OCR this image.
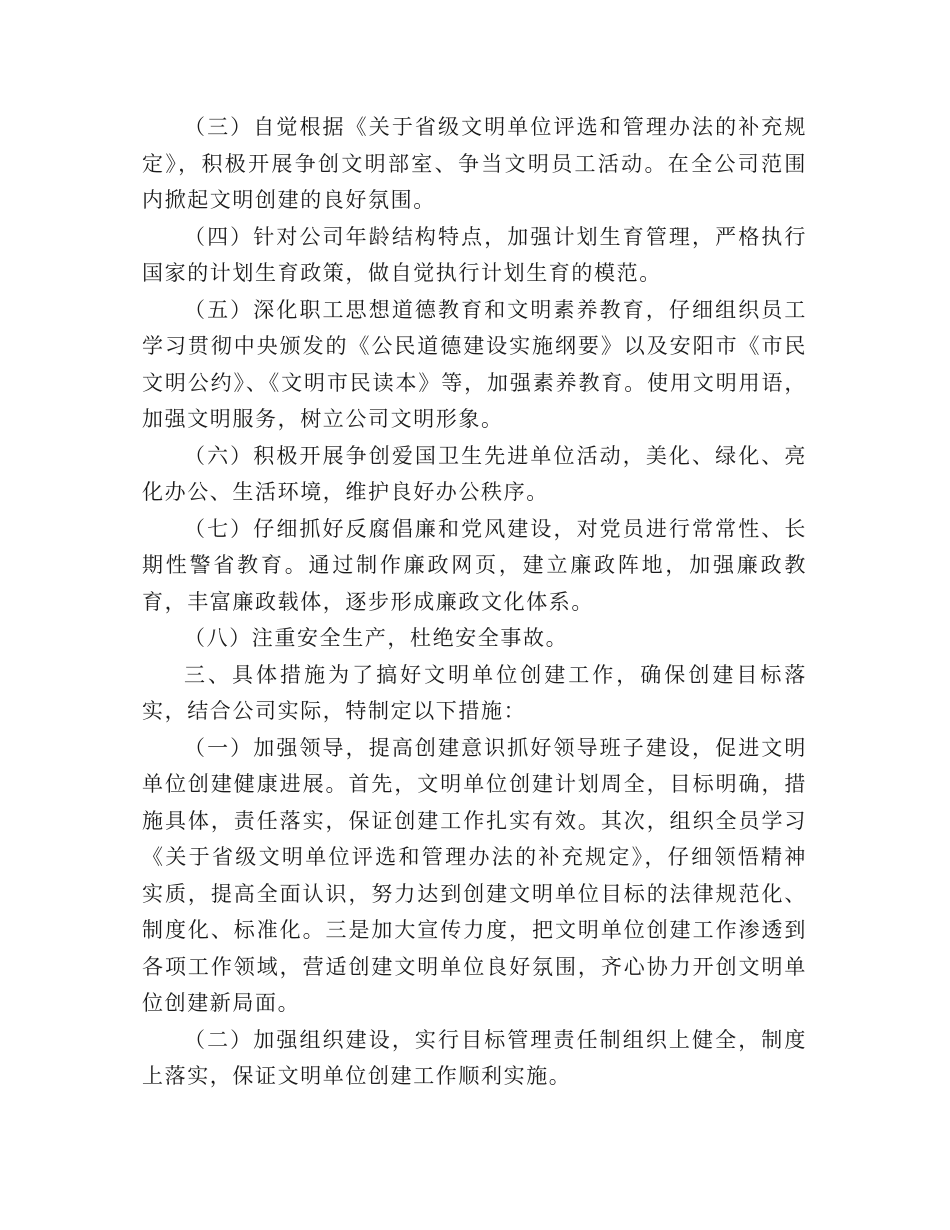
（三）自觉根据《关于省级文明单位评选和管理办法的补充规定》，积极开展争创文明部室、争当文明员工活动。在全公司范围内掀起文明创建的良好氛围。

（四）针对公司年龄结构特点，加强计划生育管理，严格执行国家的计划生育政策，做自觉执行计划生育的模范。

（五）深化职工思想道德教育和文明素养教育，仔细组织员工学习贯彻中央颁发的《公民道德建设实施纲要》以及安阳市《市民文明公约》、《文明市民读本》等，加强素养教育。使用文明用语，加强文明服务，树立公司文明形象。

（六）积极开展争创爱国卫生先进单位活动，美化、绿化、亮化办公、生活环境，维护良好办公秩序。

（七）仔细抓好反腐倡廉和党风建设，对党员进行常常性、长期性警省教育。通过制作廉政网页，建立廉政阵地，加强廉政教育，丰富廉政载体，逐步形成廉政文化体系。

（八）注重安全生产，杜绝安全事故。

三、具体措施为了搞好文明单位创建工作，确保创建目标落实，结合公司实际，特制定以下措施：

（一）加强领导，提高创建意识抓好领导班子建设，促进文明单位创建健康进展。首先，文明单位创建计划周全，目标明确，措施具体，责任落实，保证创建工作扎实有效。其次，组织全员学习《关于省级文明单位评选和管理办法的补充规定》，仔细领悟精神实质，提高全面认识，努力达到创建文明单位目标的法律规范化、制度化、标准化。三是加大宣传力度，把文明单位创建工作渗透到各项工作领域，营适创建文明单位良好氛围，齐心协力开创文明单位创建新局面。

（二）加强组织建设，实行目标管理责任制组织上健全，制度上落实，保证文明单位创建工作顺利实施。
